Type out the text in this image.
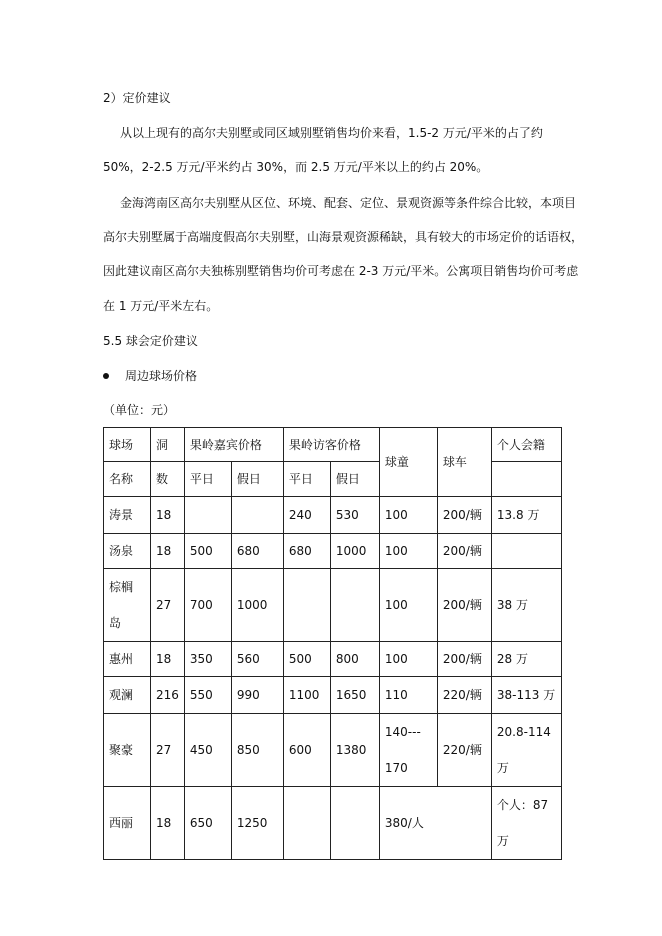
2）定价建议
从以上现有的高尔夫别墅或同区域别墅销售均价来看，1.5-2 万元/平米的占了约
50%，2-2.5 万元/平米约占 30%，而 2.5 万元/平米以上的约占 20%。
金海湾南区高尔夫别墅从区位、环境、配套、定位、景观资源等条件综合比较，本项目
高尔夫别墅属于高端度假高尔夫别墅，山海景观资源稀缺，具有较大的市场定价的话语权，
因此建议南区高尔夫独栋别墅销售均价可考虑在 2-3 万元/平米。公寓项目销售均价可考虑
在 1 万元/平米左右。
5.5 球会定价建议
周边球场价格
（单位：元）
球场	洞	果岭嘉宾价格		果岭访客价格		球童	球车	个人会籍
名称	数	平日	假日	平日	假日			
涛景	18			240	530	100	200/辆	13.8 万
汤泉	18	500	680	680	1000	100	200/辆	

棕榈
岛	27	700	1000			100	200/辆	38 万
惠州	18	350	560	500	800	100	200/辆	28 万
观澜	216	550	990	1100	1650	110	220/辆	38-113 万
聚豪	27	450	850	600	1380	140---
170	220/辆	20.8-114
万

西丽	18	650	1250			380/人		个人：87
万
